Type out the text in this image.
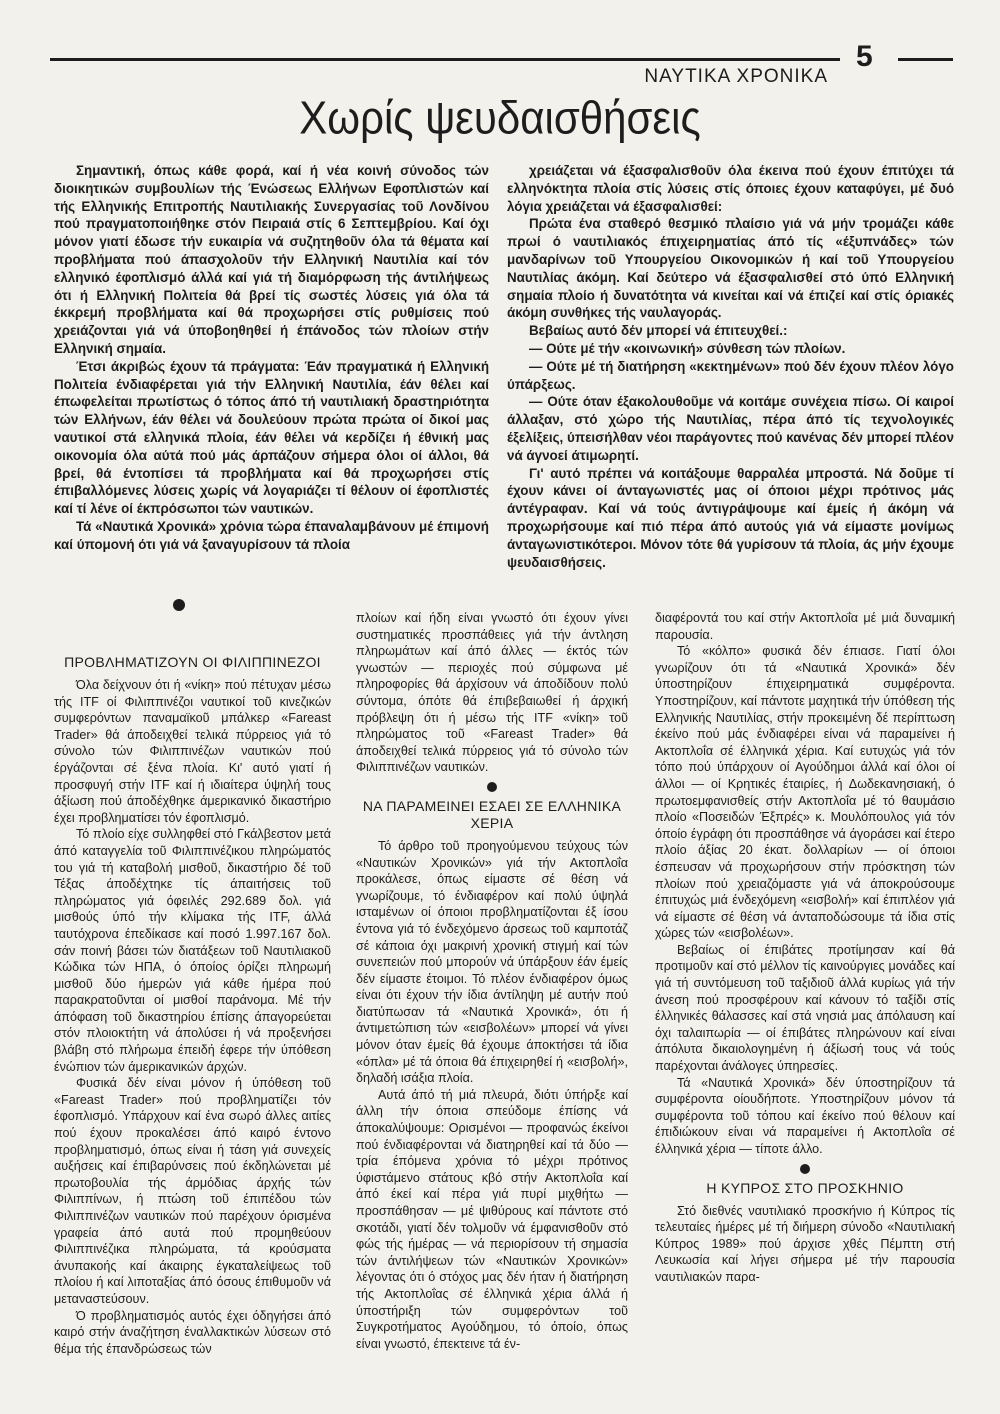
5
ΝΑΥΤΙΚΑ ΧΡΟΝΙΚΑ
Χωρίς ψευδαισθήσεις

Σημαντική, όπως κάθε φορά, καί ή νέα κοινή σύνοδος τών διοικητικών συμβουλίων τής Ένώσεως Ελλήνων Εφοπλιστών καί τής Ελληνικής Επιτροπής Ναυτιλιακής Συνεργασίας τοῦ Λονδίνου πού πραγματοποιήθηκε στόν Πειραιά στίς 6 Σεπτεμβρίου. Καί όχι μόνον γιατί έδωσε τήν ευκαιρία νά συζητηθοῦν όλα τά θέματα καί προβλήματα πού άπασχολοῦν τήν Ελληνική Ναυτιλία καί τόν ελληνικό έφοπλισμό άλλά καί γιά τή διαμόρφωση τής άντιλήψεως ότι ή Ελληνική Πολιτεία θά βρεί τίς σωστές λύσεις γιά όλα τά έκκρεμή προβλήματα καί θά προχωρήσει στίς ρυθμίσεις πού χρειάζονται γιά νά ύποβοηθηθεί ή έπάνοδος τών πλοίων στήν Ελληνική σημαία.

Έτσι άκριβώς έχουν τά πράγματα: Έάν πραγματικά ή Ελληνική Πολιτεία ένδιαφέρεται γιά τήν Ελληνική Ναυτιλία, έάν θέλει καί έπωφελείται πρωτίστως ό τόπος άπό τή ναυτιλιακή δραστηριότητα τών Ελλήνων, έάν θέλει νά δουλεύουν πρώτα πρώτα οί δικοί μας ναυτικοί στά ελληνικά πλοία, έάν θέλει νά κερδίζει ή έθνική μας οικονομία όλα αύτά πού μάς άρπάζουν σήμερα όλοι οί άλλοι, θά βρεί, θά έντοπίσει τά προβλήματα καί θά προχωρήσει στίς έπιβαλλόμενες λύσεις χωρίς νά λογαριάζει τί θέλουν οί έφοπλιστές καί τί λένε οί έκπρόσωποι τών ναυτικών.

Τά «Ναυτικά Χρονικά» χρόνια τώρα έπαναλαμβάνουν μέ έπιμονή καί ύπομονή ότι γιά νά ξαναγυρίσουν τά πλοία

χρειάζεται νά έξασφαλισθοῦν όλα έκεινα πού έχουν έπιτύχει τά ελληνόκτητα πλοία στίς λύσεις στίς όποιες έχουν καταφύγει, μέ δυό λόγια χρειάζεται νά έξασφαλισθεί:

Πρώτα ένα σταθερό θεσμικό πλαίσιο γιά νά μήν τρομάζει κάθε πρωί ό ναυτιλιακός έπιχειρηματίας άπό τίς «έξυπνάδες» τών μανδαρίνων τοῦ Υπουργείου Οικονομικών ή καί τοῦ Υπουργείου Ναυτιλίας άκόμη. Καί δεύτερο νά έξασφαλισθεί στό ύπό Ελληνική σημαία πλοίο ή δυνατότητα νά κινείται καί νά έπιζεί καί στίς όριακές άκόμη συνθήκες τής ναυλαγοράς.

Βεβαίως αυτό δέν μπορεί νά έπιτευχθεί.:

— Ούτε μέ τήν «κοινωνική» σύνθεση τών πλοίων.

— Ούτε μέ τή διατήρηση «κεκτημένων» πού δέν έχουν πλέον λόγο ύπάρξεως.

— Ούτε όταν έξακολουθοῦμε νά κοιτάμε συνέχεια πίσω. Οί καιροί άλλαξαν, στό χώρο τής Ναυτιλίας, πέρα άπό τίς τεχνολογικές έξελίξεις, ύπεισήλθαν νέοι παράγοντες πού κανένας δέν μπορεί πλέον νά άγνοεί άτιμωρητί.

Γι' αυτό πρέπει νά κοιτάξουμε θαρραλέα μπροστά. Νά δοῦμε τί έχουν κάνει οί άνταγωνιστές μας οί όποιοι μέχρι πρότινος μάς άντέγραφαν. Καί νά τούς άντιγράψουμε καί έμείς ή άκόμη νά προχωρήσουμε καί πιό πέρα άπό αυτούς γιά νά είμαστε μονίμως άνταγωνιστικότεροι. Μόνον τότε θά γυρίσουν τά πλοία, άς μήν έχουμε ψευδαισθήσεις.

ΠΡΟΒΛΗΜΑΤΙΖΟΥΝ ΟΙ ΦΙΛΙΠΠΙΝΕΖΟΙ

Όλα δείχνουν ότι ή «νίκη» πού πέτυχαν μέσω τής ITF οί Φιλιππινέζοι ναυτικοί τοῦ κινεζικών συμφερόντων παναμαϊκοῦ μπάλκερ «Fareast Trader» θά άποδειχθεί τελικά πύρρειος γιά τό σύνολο τών Φιλιππινέζων ναυτικών πού έργάζονται σέ ξένα πλοία. Κι' αυτό γιατί ή προσφυγή στήν ITF καί ή ιδιαίτερα ύψηλή τους άξίωση πού άποδέχθηκε άμερικανικό δικαστήριο έχει προβληματίσει τόν έφοπλισμό.

Τό πλοίο είχε συλληφθεί στό Γκάλβεστον μετά άπό καταγγελία τοῦ Φιλιππινέζικου πληρώματός του γιά τή καταβολή μισθοῦ, δικαστήριο δέ τοῦ Τέξας άποδέχτηκε τίς άπαιτήσεις τοῦ πληρώματος γιά όφειλές 292.689 δολ. γιά μισθούς ύπό τήν κλίμακα τής ITF, άλλά ταυτόχρονα έπεδίκασε καί ποσό 1.997.167 δολ. σάν ποινή βάσει τών διατάξεων τοῦ Ναυτιλιακοῦ Κώδικα τών ΗΠΑ, ό όποίος όρίζει πληρωμή μισθοῦ δύο ήμερών γιά κάθε ήμέρα πού παρακρατοῦνται οί μισθοί παράνομα. Μέ τήν άπόφαση τοῦ δικαστηρίου έπίσης άπαγορεύεται στόν πλοιοκτήτη νά άπολύσει ή νά προξενήσει βλάβη στό πλήρωμα έπειδή έφερε τήν ύπόθεση ένώπιον τών άμερικανικών άρχών.

Φυσικά δέν είναι μόνον ή ύπόθεση τοῦ «Fareast Trader» πού προβληματίζει τόν έφοπλισμό. Υπάρχουν καί ένα σωρό άλλες αιτίες πού έχουν προκαλέσει άπό καιρό έντονο προβληματισμό, όπως είναι ή τάση γιά συνεχείς αυξήσεις καί έπιβαρύνσεις πού έκδηλώνεται μέ πρωτοβουλία τής άρμόδιας άρχής τών Φιλιππίνων, ή πτώση τοῦ έπιπέδου τών Φιλιππινέζων ναυτικών πού παρέχουν όρισμένα γραφεία άπό αυτά πού προμηθεύουν Φιλιππινέζικα πληρώματα, τά κρούσματα άνυπακοής καί άκαιρης έγκαταλείψεως τοῦ πλοίου ή καί λιποταξίας άπό όσους έπιθυμοῦν νά μεταναστεύσουν.

Ό προβληματισμός αυτός έχει όδηγήσει άπό καιρό στήν άναζήτηση έναλλακτικών λύσεων στό θέμα τής έπανδρώσεως τών

πλοίων καί ήδη είναι γνωστό ότι έχουν γίνει συστηματικές προσπάθειες γιά τήν άντληση πληρωμάτων καί άπό άλλες — έκτός τών γνωστών — περιοχές πού σύμφωνα μέ πληροφορίες θά άρχίσουν νά άποδίδουν πολύ σύντομα, όπότε θά έπιβεβαιωθεί ή άρχική πρόβλεψη ότι ή μέσω τής ITF «νίκη» τοῦ πληρώματος τοῦ «Fareast Trader» θά άποδειχθεί τελικά πύρρειος γιά τό σύνολο τών Φιλιππινέζων ναυτικών.

ΝΑ ΠΑΡΑΜΕΙΝΕΙ ΕΣΑΕΙ ΣΕ ΕΛΛΗΝΙΚΑ ΧΕΡΙΑ

Τό άρθρο τοῦ προηγούμενου τεύχους τών «Ναυτικών Χρονικών» γιά τήν Ακτοπλοΐα προκάλεσε, όπως είμαστε σέ θέση νά γνωρίζουμε, τό ένδιαφέρον καί πολύ ύψηλά ισταμένων οί όποιοι προβληματίζονται έξ ίσου έντονα γιά τό ένδεχόμενο άρσεως τοῦ καμποτάζ σέ κάποια όχι μακρινή χρονική στιγμή καί τών συνεπειών πού μπορούν νά ύπάρξουν έάν έμείς δέν είμαστε έτοιμοι. Τό πλέον ένδιαφέρον όμως είναι ότι έχουν τήν ίδια άντίληψη μέ αυτήν πού διατύπωσαν τά «Ναυτικά Χρονικά», ότι ή άντιμετώπιση τών «εισβολέων» μπορεί νά γίνει μόνον όταν έμείς θά έχουμε άποκτήσει τά ίδια «όπλα» μέ τά όποια θά έπιχειρηθεί ή «εισβολή», δηλαδή ισάξια πλοία.

Αυτά άπό τή μιά πλευρά, διότι ύπήρξε καί άλλη τήν όποια σπεύδομε έπίσης νά άποκαλύψουμε: Ορισμένοι — προφανώς έκείνοι πού ένδιαφέρονται νά διατηρηθεί καί τά δύο — τρία έπόμενα χρόνια τό μέχρι πρότινος ύφιστάμενο στάτους κβό στήν Ακτοπλοΐα καί άπό έκεί καί πέρα γιά πυρί μιχθήτω — προσπάθησαν — μέ ψιθύρους καί πάντοτε στό σκοτάδι, γιατί δέν τολμοῦν νά έμφανισθοῦν στό φώς τής ήμέρας — νά περιορίσουν τή σημασία τών άντιλήψεων τών «Ναυτικών Χρονικών» λέγοντας ότι ό στόχος μας δέν ήταν ή διατήρηση τής Ακτοπλοΐας σέ έλληνικά χέρια άλλά ή ύποστήριξη τών συμφερόντων τοῦ Συγκροτήματος Αγούδημου, τό όποίο, όπως είναι γνωστό, έπεκτεινε τά έν-

διαφέροντά του καί στήν Ακτοπλοΐα μέ μιά δυναμική παρουσία.

Τό «κόλπο» φυσικά δέν έπιασε. Γιατί όλοι γνωρίζουν ότι τά «Ναυτικά Χρονικά» δέν ύποστηρίζουν έπιχειρηματικά συμφέροντα. Υποστηρίζουν, καί πάντοτε μαχητικά τήν ύπόθεση τής Ελληνικής Ναυτιλίας, στήν προκειμένη δέ περίπτωση έκείνο πού μάς ένδιαφέρει είναι νά παραμείνει ή Ακτοπλοΐα σέ έλληνικά χέρια. Καί ευτυχώς γιά τόν τόπο πού ύπάρχουν οί Αγούδημοι άλλά καί όλοι οί άλλοι — οί Κρητικές έταιρίες, ή Δωδεκανησιακή, ό πρωτοεμφανισθείς στήν Ακτοπλοΐα μέ τό θαυμάσιο πλοίο «Ποσειδών Έξπρές» κ. Μουλόπουλος γιά τόν όποίο έγράφη ότι προσπάθησε νά άγοράσει καί έτερο πλοίο άξίας 20 έκατ. δολλαρίων — οί όποιοι έσπευσαν νά προχωρήσουν στήν πρόσκτηση τών πλοίων πού χρειαζόμαστε γιά νά άποκρούσουμε έπιτυχώς μιά ένδεχόμενη «εισβολή» καί έπιπλέον γιά νά είμαστε σέ θέση νά άνταποδώσουμε τά ίδια στίς χώρες τών «εισβολέων».

Βεβαίως οί έπιβάτες προτίμησαν καί θά προτιμοῦν καί στό μέλλον τίς καινούργιες μονάδες καί γιά τή συντόμευση τοῦ ταξιδιοῦ άλλά κυρίως γιά τήν άνεση πού προσφέρουν καί κάνουν τό ταξίδι στίς έλληνικές θάλασσες καί στά νησιά μας άπόλαυση καί όχι ταλαιπωρία — οί έπιβάτες πληρώνουν καί είναι άπόλυτα δικαιολογημένη ή άξίωσή τους νά τούς παρέχονται άνάλογες ύπηρεσίες.

Τά «Ναυτικά Χρονικά» δέν ύποστηρίζουν τά συμφέροντα οίουδήποτε. Υποστηρίζουν μόνον τά συμφέροντα τοῦ τόπου καί έκείνο πού θέλουν καί έπιδιώκουν είναι νά παραμείνει ή Ακτοπλοΐα σέ έλληνικά χέρια — τίποτε άλλο.

Η ΚΥΠΡΟΣ ΣΤΟ ΠΡΟΣΚΗΝΙΟ

Στό διεθνές ναυτιλιακό προσκήνιο ή Κύπρος τίς τελευταίες ήμέρες μέ τή διήμερη σύνοδο «Ναυτιλιακή Κύπρος 1989» πού άρχισε χθές Πέμπτη στή Λευκωσία καί λήγει σήμερα μέ τήν παρουσία ναυτιλιακών παρα-
